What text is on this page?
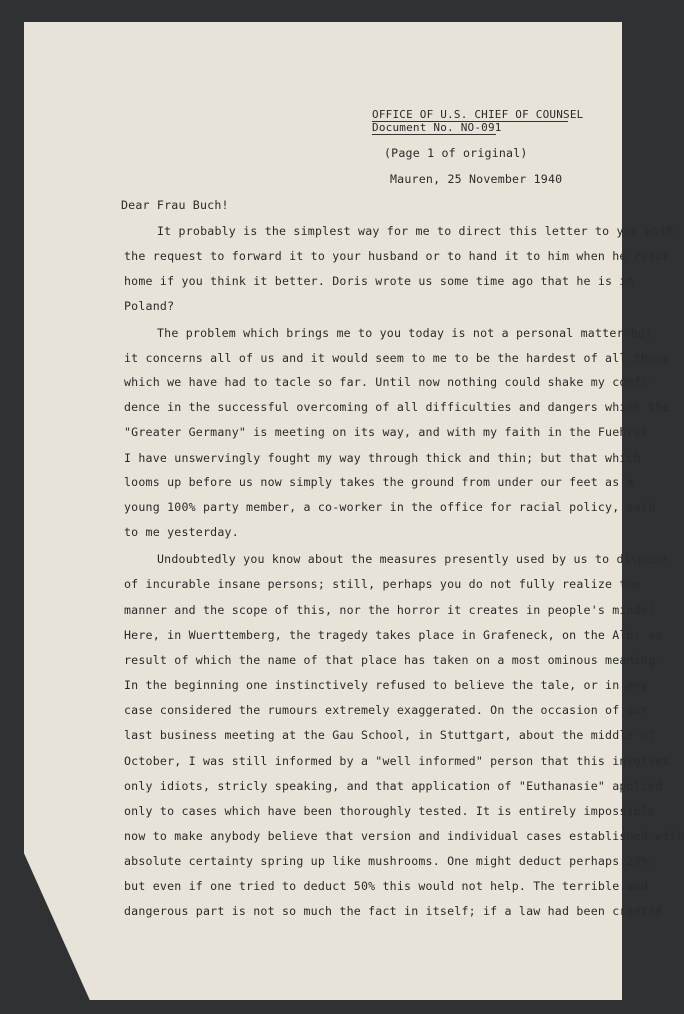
OFFICE OF U.S. CHIEF OF COUNSEL
Document No. NO-091
(Page 1 of original)
Mauren, 25 November 1940
Dear Frau Buch!
It probably is the simplest way for me to direct this letter to you with
the request to forward it to your husband or to hand it to him when he retur
home if you think it better. Doris wrote us some time ago that he is in
Poland?
The problem which brings me to you today is not a personal matter but
it concerns all of us and it would seem to me to be the hardest of all those
which we have had to tacle so far. Until now nothing could shake my confi-
dence in the successful overcoming of all difficulties and dangers which the
"Greater Germany" is meeting on its way, and with my faith in the Fuehrer
I have unswervingly fought my way through thick and thin; but that which
looms up before us now simply takes the ground from under our feet as a
young 100% party member, a co-worker in the office for racial policy, said
to me yesterday.
Undoubtedly you know about the measures presently used by us to dispose
of incurable insane persons; still, perhaps you do not fully realize the
manner and the scope of this, nor the horror it creates in people's minds!
Here, in Wuerttemberg, the tragedy takes place in Grafeneck, on the Alb, as
result of which the name of that place has taken on a most ominous meaning.
In the beginning one instinctively refused to believe the tale, or in any
case considered the rumours extremely exaggerated. On the occasion of our
last business meeting at the Gau School, in Stuttgart, about the middle of
October, I was still informed by a "well informed" person that this involves
only idiots, stricly speaking, and that application of "Euthanasie" applied
only to cases which have been thoroughly tested. It is entirely impossible
now to make anybody believe that version and individual cases established with
absolute certainty spring up like mushrooms. One might deduct perhaps 20%,
but even if one tried to deduct 50% this would not help. The terrible and
dangerous part is not so much the fact in itself; if a law had been created
